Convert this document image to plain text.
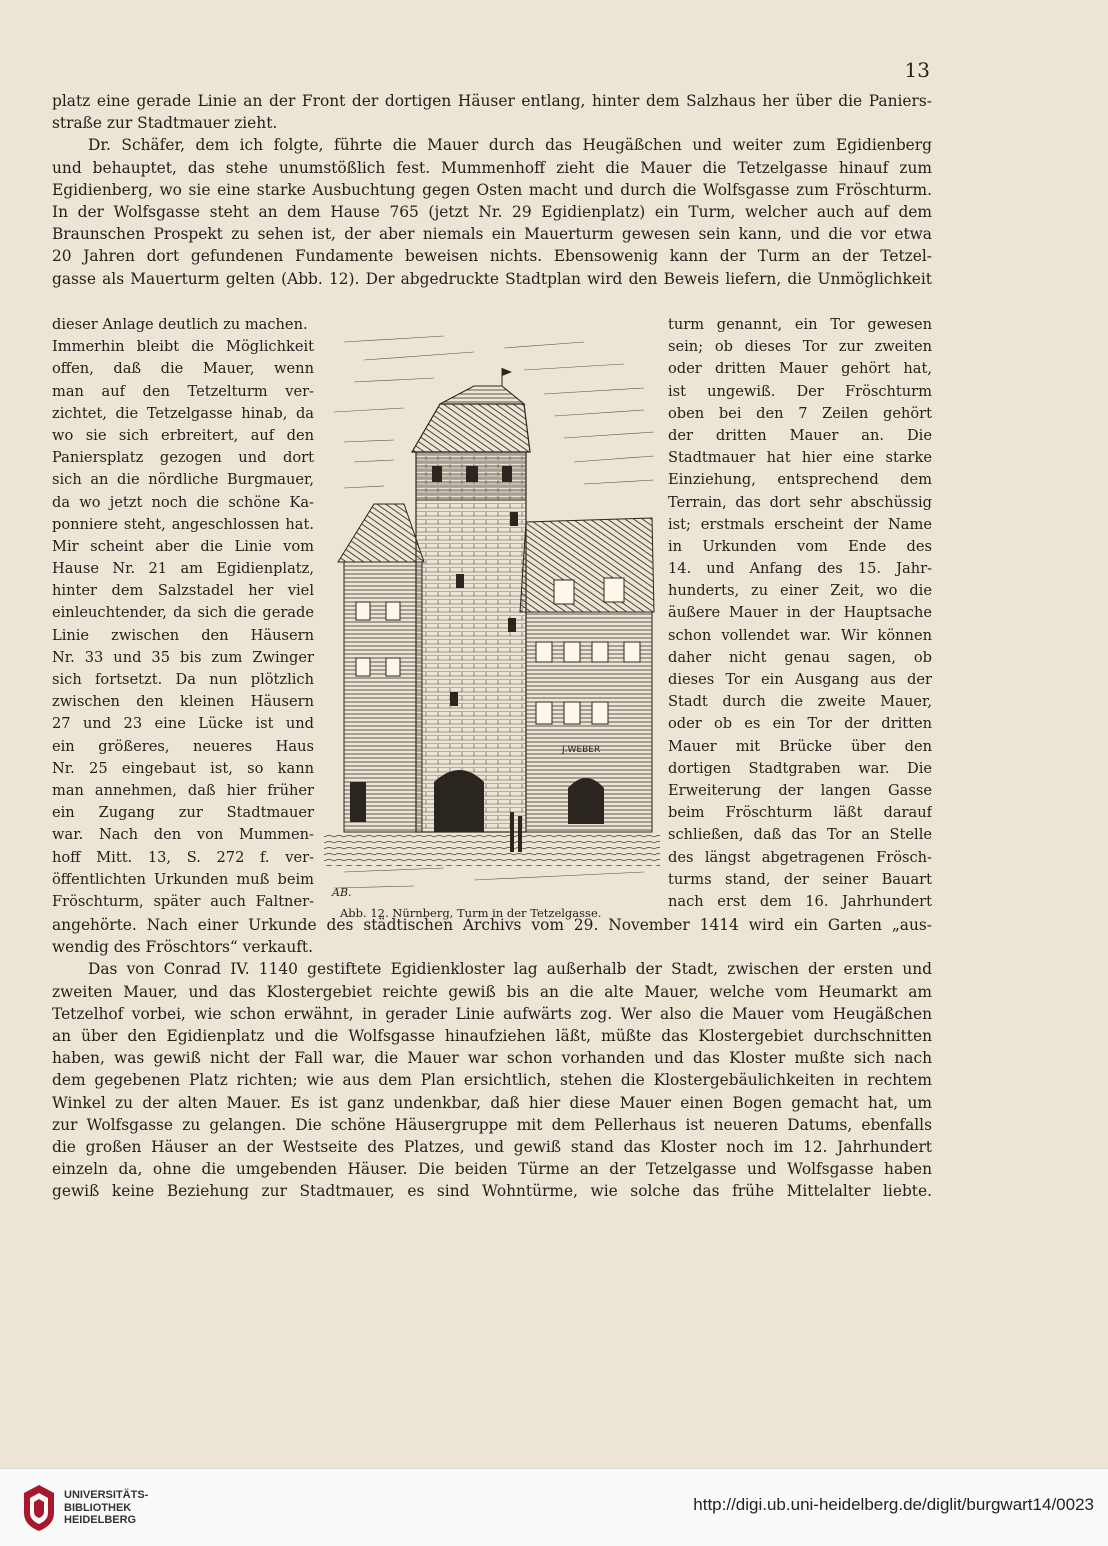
13
platz eine gerade Linie an der Front der dortigen Häuser entlang, hinter dem Salzhaus her über die Paniers-
straße zur Stadtmauer zieht.
Dr. Schäfer, dem ich folgte, führte die Mauer durch das Heugäßchen und weiter zum Egidienberg
und behauptet, das stehe unumstößlich fest. Mummenhoff zieht die Mauer die Tetzelgasse hinauf zum
Egidienberg, wo sie eine starke Ausbuchtung gegen Osten macht und durch die Wolfsgasse zum Fröschturm.
In der Wolfsgasse steht an dem Hause 765 (jetzt Nr. 29 Egidienplatz) ein Turm, welcher auch auf dem
Braunschen Prospekt zu sehen ist, der aber niemals ein Mauerturm gewesen sein kann, und die vor etwa
20 Jahren dort gefundenen Fundamente beweisen nichts. Ebensowenig kann der Turm an der Tetzel-
gasse als Mauerturm gelten (Abb. 12). Der abgedruckte Stadtplan wird den Beweis liefern, die Unmöglichkeit
dieser Anlage deutlich zu machen.
Immerhin bleibt die Möglichkeit
offen, daß die Mauer, wenn
man auf den Tetzelturm ver-
zichtet, die Tetzelgasse hinab, da
wo sie sich erbreitert, auf den
Paniersplatz gezogen und dort
sich an die nördliche Burgmauer,
da wo jetzt noch die schöne Ka-
ponniere steht, angeschlossen hat.
Mir scheint aber die Linie vom
Hause Nr. 21 am Egidienplatz,
hinter dem Salzstadel her viel
einleuchtender, da sich die gerade
Linie zwischen den Häusern
Nr. 33 und 35 bis zum Zwinger
sich fortsetzt. Da nun plötzlich
zwischen den kleinen Häusern
27 und 23 eine Lücke ist und
ein größeres, neueres Haus
Nr. 25 eingebaut ist, so kann
man annehmen, daß hier früher
ein Zugang zur Stadtmauer
war. Nach den von Mummen-
hoff Mitt. 13, S. 272 f. ver-
öffentlichten Urkunden muß beim
Fröschturm, später auch Faltner-
J.WEBER
AB.
Abb. 12. Nürnberg, Turm in der Tetzelgasse.
turm genannt, ein Tor gewesen
sein; ob dieses Tor zur zweiten
oder dritten Mauer gehört hat,
ist ungewiß. Der Fröschturm
oben bei den 7 Zeilen gehört
der dritten Mauer an. Die
Stadtmauer hat hier eine starke
Einziehung, entsprechend dem
Terrain, das dort sehr abschüssig
ist; erstmals erscheint der Name
in Urkunden vom Ende des
14. und Anfang des 15. Jahr-
hunderts, zu einer Zeit, wo die
äußere Mauer in der Hauptsache
schon vollendet war. Wir können
daher nicht genau sagen, ob
dieses Tor ein Ausgang aus der
Stadt durch die zweite Mauer,
oder ob es ein Tor der dritten
Mauer mit Brücke über den
dortigen Stadtgraben war. Die
Erweiterung der langen Gasse
beim Fröschturm läßt darauf
schließen, daß das Tor an Stelle
des längst abgetragenen Frösch-
turms stand, der seiner Bauart
nach erst dem 16. Jahrhundert
angehörte. Nach einer Urkunde des städtischen Archivs vom 29. November 1414 wird ein Garten „aus-
wendig des Fröschtors“ verkauft.
Das von Conrad IV. 1140 gestiftete Egidienkloster lag außerhalb der Stadt, zwischen der ersten und
zweiten Mauer, und das Klostergebiet reichte gewiß bis an die alte Mauer, welche vom Heumarkt am
Tetzelhof vorbei, wie schon erwähnt, in gerader Linie aufwärts zog. Wer also die Mauer vom Heugäßchen
an über den Egidienplatz und die Wolfsgasse hinaufziehen läßt, müßte das Klostergebiet durchschnitten
haben, was gewiß nicht der Fall war, die Mauer war schon vorhanden und das Kloster mußte sich nach
dem gegebenen Platz richten; wie aus dem Plan ersichtlich, stehen die Klostergebäulichkeiten in rechtem
Winkel zu der alten Mauer. Es ist ganz undenkbar, daß hier diese Mauer einen Bogen gemacht hat, um
zur Wolfsgasse zu gelangen. Die schöne Häusergruppe mit dem Pellerhaus ist neueren Datums, ebenfalls
die großen Häuser an der Westseite des Platzes, und gewiß stand das Kloster noch im 12. Jahrhundert
einzeln da, ohne die umgebenden Häuser. Die beiden Türme an der Tetzelgasse und Wolfsgasse haben
gewiß keine Beziehung zur Stadtmauer, es sind Wohntürme, wie solche das frühe Mittelalter liebte.
UNIVERSITÄTS-
BIBLIOTHEK
HEIDELBERG
http://digi.ub.uni-heidelberg.de/diglit/burgwart14/0023
